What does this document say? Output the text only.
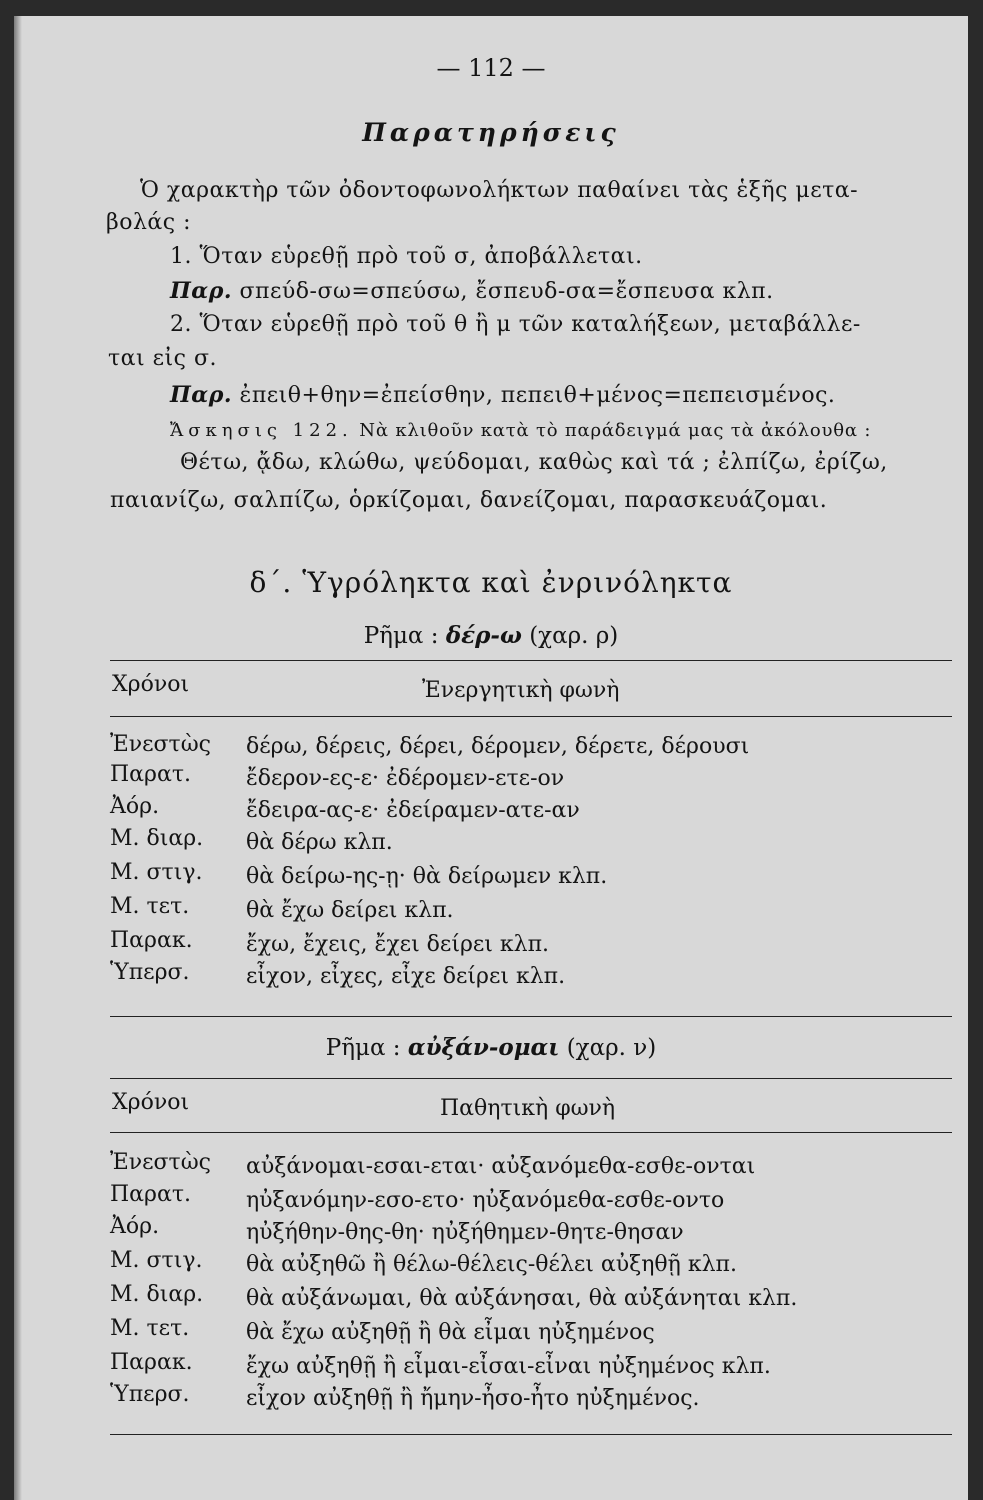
— 112 —
Παρατηρήσεις
Ὁ χαρακτὴρ τῶν ὀδοντοφωνολήκτων παθαίνει τὰς ἑξῆς μετα-
βολάς :
1. Ὅταν εὑρεθῇ πρὸ τοῦ σ, ἀποβάλλεται.
Παρ. σπεύδ-σω=σπεύσω, ἔσπευδ-σα=ἔσπευσα κλπ.
2. Ὅταν εὑρεθῇ πρὸ τοῦ θ ἢ μ τῶν καταλήξεων, μεταβάλλε-
ται εἰς σ.
Παρ. ἐπειθ+θην=ἐπείσθην, πεπειθ+μένος=πεπεισμένος.
Ἄσκησις 122. Νὰ κλιθοῦν κατὰ τὸ παράδειγμά μας τὰ ἀκόλουθα :
Θέτω, ᾄδω, κλώθω, ψεύδομαι, καθὼς καὶ τά ; ἐλπίζω, ἐρίζω,
παιανίζω, σαλπίζω, ὁρκίζομαι, δανείζομαι, παρασκευάζομαι.
δ΄. Ὑγρόληκτα καὶ ἐνρινόληκτα
Ρῆμα : δέρ-ω (χαρ. ρ)
Χρόνοι	Ἐνεργητικὴ φωνὴ
Ἐνεστὼς δέρω, δέρεις, δέρει, δέρομεν, δέρετε, δέρουσι
Παρατ.	ἔδερον-ες-ε· ἐδέρομεν-ετε-ον
Ἀόρ.	ἔδειρα-ας-ε· ἐδείραμεν-ατε-αν
Μ. διαρ. θὰ δέρω κλπ.
Μ. στιγ. θὰ δείρω-ης-ῃ· θὰ δείρωμεν κλπ.
Μ. τετ.	θὰ ἔχω δείρει κλπ.
Παρακ. ἔχω, ἔχεις, ἔχει δείρει κλπ.
Ὑπερσ.	εἶχον, εἶχες, εἶχε δείρει κλπ.
Ρῆμα : αὐξάν-ομαι (χαρ. ν)
Χρόνοι	Παθητικὴ φωνὴ
Ἐνεστὼς αὐξάνομαι-εσαι-εται· αὐξανόμεθα-εσθε-ονται
Παρατ.	ηὐξανόμην-εσο-ετο· ηὐξανόμεθα-εσθε-οντο
Ἀόρ.	ηὐξήθην-θης-θη· ηὐξήθημεν-θητε-θησαν
Μ. στιγ. θὰ αὐξηθῶ ἢ θέλω-θέλεις-θέλει αὐξηθῇ κλπ.
Μ. διαρ. θὰ αὐξάνωμαι, θὰ αὐξάνησαι, θὰ αὐξάνηται κλπ.
Μ. τετ.	θὰ ἔχω αὐξηθῇ ἢ θὰ εἶμαι ηὐξημένος
Παρακ. ἔχω αὐξηθῇ ἢ εἶμαι-εἶσαι-εἶναι ηὐξημένος κλπ.
Ὑπερσ.	εἶχον αὐξηθῇ ἢ ἤμην-ἦσο-ἦτο ηὐξημένος.
